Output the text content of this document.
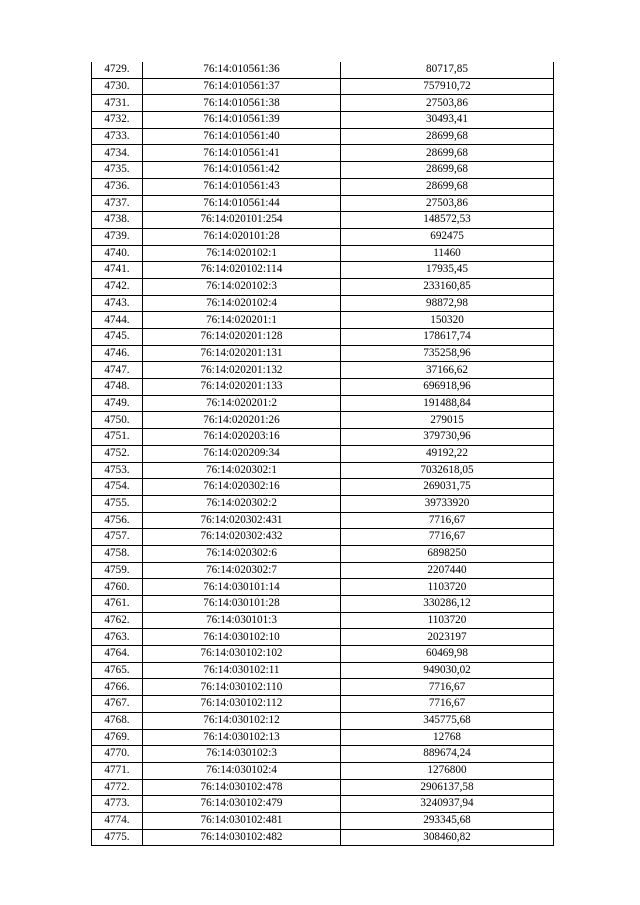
4729.	76:14:010561:36	80717,85
4730.	76:14:010561:37	757910,72
4731.	76:14:010561:38	27503,86
4732.	76:14:010561:39	30493,41
4733.	76:14:010561:40	28699,68
4734.	76:14:010561:41	28699,68
4735.	76:14:010561:42	28699,68
4736.	76:14:010561:43	28699,68
4737.	76:14:010561:44	27503,86
4738.	76:14:020101:254	148572,53
4739.	76:14:020101:28	692475
4740.	76:14:020102:1	11460
4741.	76:14:020102:114	17935,45
4742.	76:14:020102:3	233160,85
4743.	76:14:020102:4	98872,98
4744.	76:14:020201:1	150320
4745.	76:14:020201:128	178617,74
4746.	76:14:020201:131	735258,96
4747.	76:14:020201:132	37166,62
4748.	76:14:020201:133	696918,96
4749.	76:14:020201:2	191488,84
4750.	76:14:020201:26	279015
4751.	76:14:020203:16	379730,96
4752.	76:14:020209:34	49192,22
4753.	76:14:020302:1	7032618,05
4754.	76:14:020302:16	269031,75
4755.	76:14:020302:2	39733920
4756.	76:14:020302:431	7716,67
4757.	76:14:020302:432	7716,67
4758.	76:14:020302:6	6898250
4759.	76:14:020302:7	2207440
4760.	76:14:030101:14	1103720
4761.	76:14:030101:28	330286,12
4762.	76:14:030101:3	1103720
4763.	76:14:030102:10	2023197
4764.	76:14:030102:102	60469,98
4765.	76:14:030102:11	949030,02
4766.	76:14:030102:110	7716,67
4767.	76:14:030102:112	7716,67
4768.	76:14:030102:12	345775,68
4769.	76:14:030102:13	12768
4770.	76:14:030102:3	889674,24
4771.	76:14:030102:4	1276800
4772.	76:14:030102:478	2906137,58
4773.	76:14:030102:479	3240937,94
4774.	76:14:030102:481	293345,68
4775.	76:14:030102:482	308460,82
